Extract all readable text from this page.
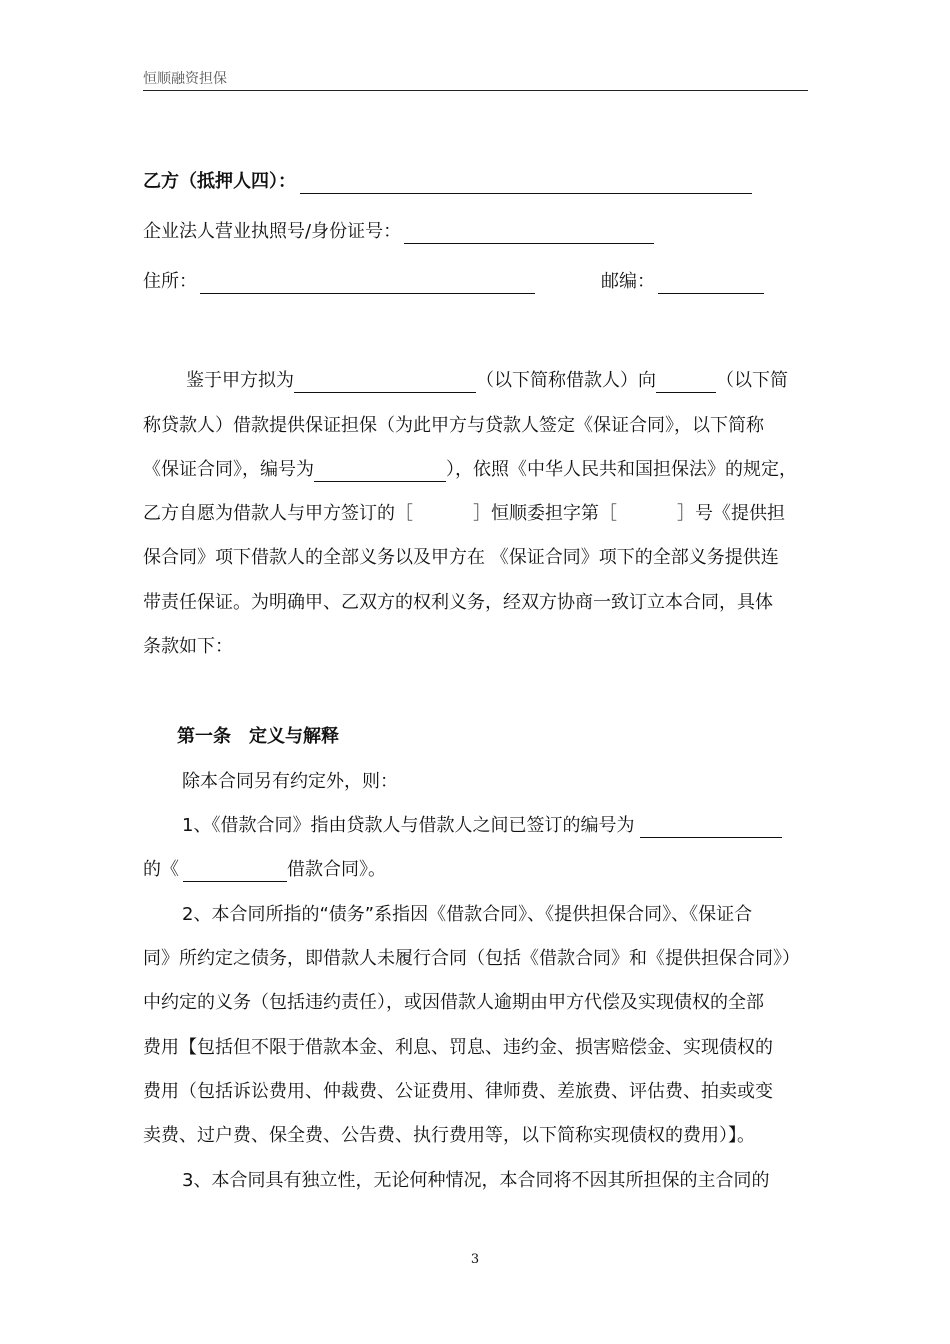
恒顺融资担保
乙方（抵押人四）：
企业法人营业执照号/身份证号：
住所：	邮编：
鉴于甲方拟为	（以下简称借款人）向	（以下简
称贷款人）借款提供保证担保（为此甲方与贷款人签定《保证合同》，以下简称
《保证合同》，编号为	），依照《中华人民共和国担保法》的规定，
乙方自愿为借款人与甲方签订的［	］恒顺委担字第［	］号《提供担
保合同》项下借款人的全部义务以及甲方在 《保证合同》项下的全部义务提供连
带责任保证。为明确甲、乙双方的权利义务，经双方协商一致订立本合同，具体
条款如下：
第一条　定义与解释
除本合同另有约定外，则：
1、《借款合同》指由贷款人与借款人之间已签订的编号为
的《	借款合同》。
2、本合同所指的“债务”系指因《借款合同》、《提供担保合同》、《保证合
同》所约定之债务，即借款人未履行合同（包括《借款合同》和《提供担保合同》）
中约定的义务（包括违约责任），或因借款人逾期由甲方代偿及实现债权的全部
费用【包括但不限于借款本金、利息、罚息、违约金、损害赔偿金、实现债权的
费用（包括诉讼费用、仲裁费、公证费用、律师费、差旅费、评估费、拍卖或变
卖费、过户费、保全费、公告费、执行费用等，以下简称实现债权的费用）】。
3、本合同具有独立性，无论何种情况，本合同将不因其所担保的主合同的
3
